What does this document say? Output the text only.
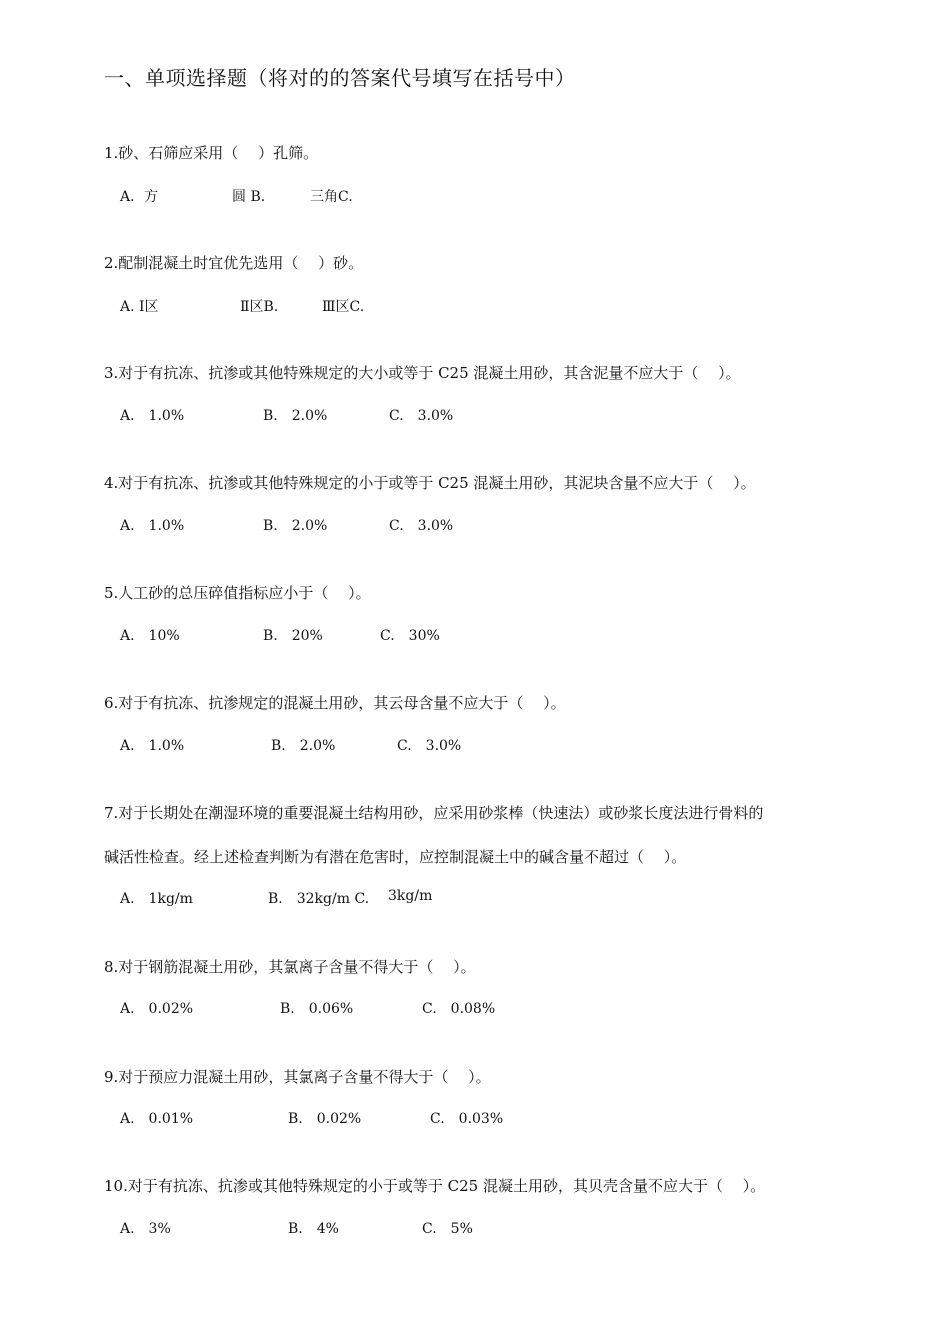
一、单项选择题（将对的的答案代号填写在括号中）
1.砂、石筛应采用（　 ）孔筛。
A．方	圆 B.	三角C.
2.配制混凝土时宜优先选用（　 ）砂。
A. Ⅰ区	Ⅱ区B.	Ⅲ区C.
3.对于有抗冻、抗渗或其他特殊规定的大小或等于 C25 混凝土用砂，其含泥量不应大于（　 ）。
A.　1.0%	B.　2.0%	C.　3.0%
4.对于有抗冻、抗渗或其他特殊规定的小于或等于 C25 混凝土用砂，其泥块含量不应大于（　 ）。
A.　1.0%	B.　2.0%	C.　3.0%
5.人工砂的总压碎值指标应小于（　 ）。
A.　10%	B.　20%	C.　30%
6.对于有抗冻、抗渗规定的混凝土用砂，其云母含量不应大于（　 ）。
A.　1.0%	B.　2.0%	C.　3.0%
7.对于长期处在潮湿环境的重要混凝土结构用砂，应采用砂浆棒（快速法）或砂浆长度法进行骨料的
碱活性检查。经上述检查判断为有潜在危害时，应控制混凝土中的碱含量不超过（　 ）。
A.　1kg/m	B.　32kg/m C. 3kg/m
8.对于钢筋混凝土用砂，其氯离子含量不得大于（　 ）。
A.　0.02%	B.　0.06%	C.　0.08%
9.对于预应力混凝土用砂，其氯离子含量不得大于（　 ）。
A.　0.01%	B.　0.02%	C.　0.03%
10.对于有抗冻、抗渗或其他特殊规定的小于或等于 C25 混凝土用砂，其贝壳含量不应大于（　 ）。
A.　3%	B.　4%	C.　5%
